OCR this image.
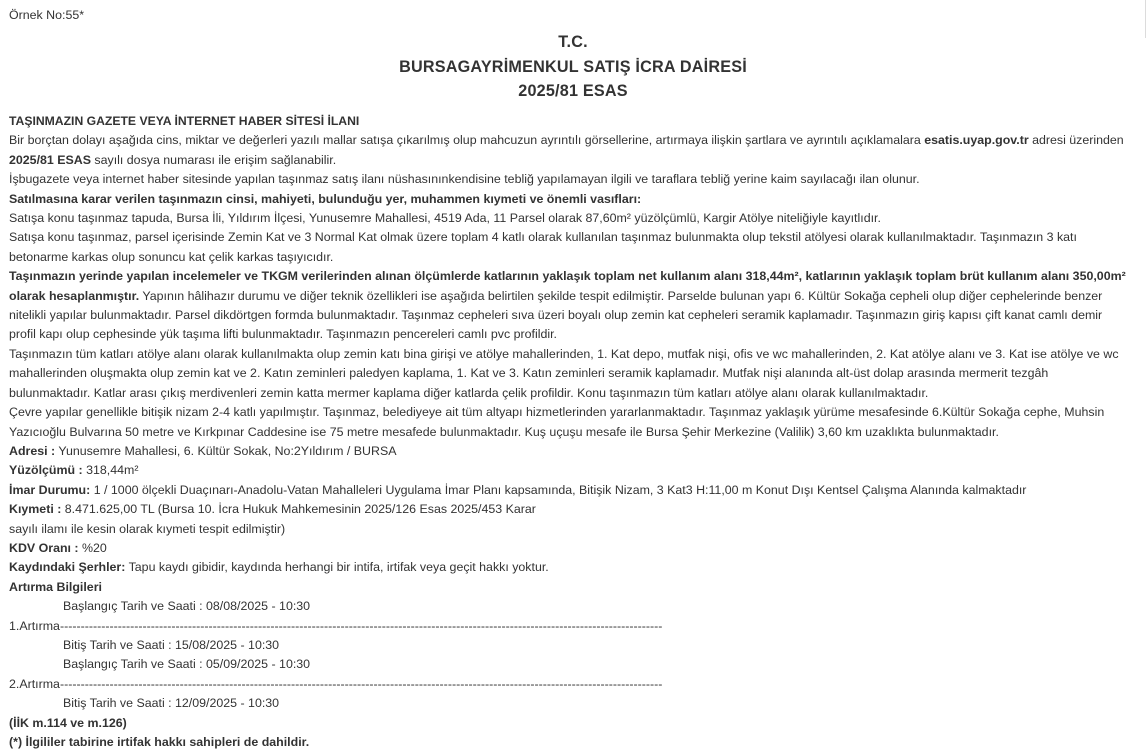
Örnek No:55*
T.C.
BURSAGAYRİMENKUL SATIŞ İCRA DAİRESİ
2025/81 ESAS

TAŞINMAZIN GAZETE VEYA İNTERNET HABER SİTESİ İLANI

Bir borçtan dolayı aşağıda cins, miktar ve değerleri yazılı mallar satışa çıkarılmış olup mahcuzun ayrıntılı görsellerine, artırmaya ilişkin şartlara ve ayrıntılı açıklamalara esatis.uyap.gov.tr adresi üzerinden 2025/81 ESAS sayılı dosya numarası ile erişim sağlanabilir.

İşbugazete veya internet haber sitesinde yapılan taşınmaz satış ilanı nüshasınınkendisine tebliğ yapılamayan ilgili ve taraflara tebliğ yerine kaim sayılacağı ilan olunur.

Satılmasına karar verilen taşınmazın cinsi, mahiyeti, bulunduğu yer, muhammen kıymeti ve önemli vasıfları:

Satışa konu taşınmaz tapuda, Bursa İli, Yıldırım İlçesi, Yunusemre Mahallesi, 4519 Ada, 11 Parsel olarak 87,60m² yüzölçümlü, Kargir Atölye niteliğiyle kayıtlıdır.

Satışa konu taşınmaz, parsel içerisinde Zemin Kat ve 3 Normal Kat olmak üzere toplam 4 katlı olarak kullanılan taşınmaz bulunmakta olup tekstil atölyesi olarak kullanılmaktadır. Taşınmazın 3 katı betonarme karkas olup sonuncu kat çelik karkas taşıyıcıdır.

Taşınmazın yerinde yapılan incelemeler ve TKGM verilerinden alınan ölçümlerde katlarının yaklaşık toplam net kullanım alanı 318,44m², katlarının yaklaşık toplam brüt kullanım alanı 350,00m² olarak hesaplanmıştır. Yapının hâlihazır durumu ve diğer teknik özellikleri ise aşağıda belirtilen şekilde tespit edilmiştir. Parselde bulunan yapı 6. Kültür Sokağa cepheli olup diğer cephelerinde benzer nitelikli yapılar bulunmaktadır. Parsel dikdörtgen formda bulunmaktadır. Taşınmaz cepheleri sıva üzeri boyalı olup zemin kat cepheleri seramik kaplamadır. Taşınmazın giriş kapısı çift kanat camlı demir profil kapı olup cephesinde yük taşıma lifti bulunmaktadır. Taşınmazın pencereleri camlı pvc profildir.

Taşınmazın tüm katları atölye alanı olarak kullanılmakta olup zemin katı bina girişi ve atölye mahallerinden, 1. Kat depo, mutfak nişi, ofis ve wc mahallerinden, 2. Kat atölye alanı ve 3. Kat ise atölye ve wc mahallerinden oluşmakta olup zemin kat ve 2. Katın zeminleri paledyen kaplama, 1. Kat ve 3. Katın zeminleri seramik kaplamadır. Mutfak nişi alanında alt-üst dolap arasında mermerit tezgâh bulunmaktadır. Katlar arası çıkış merdivenleri zemin katta mermer kaplama diğer katlarda çelik profildir. Konu taşınmazın tüm katları atölye alanı olarak kullanılmaktadır.

Çevre yapılar genellikle bitişik nizam 2-4 katlı yapılmıştır. Taşınmaz, belediyeye ait tüm altyapı hizmetlerinden yararlanmaktadır. Taşınmaz yaklaşık yürüme mesafesinde 6.Kültür Sokağa cephe, Muhsin Yazıcıoğlu Bulvarına 50 metre ve Kırkpınar Caddesine ise 75 metre mesafede bulunmaktadır. Kuş uçuşu mesafe ile Bursa Şehir Merkezine (Valilik) 3,60 km uzaklıkta bulunmaktadır.

Adresi : Yunusemre Mahallesi, 6. Kültür Sokak, No:2Yıldırım / BURSA

Yüzölçümü : 318,44m²

İmar Durumu: 1 / 1000 ölçekli Duaçınarı-Anadolu-Vatan Mahalleleri Uygulama İmar Planı kapsamında, Bitişik Nizam, 3 Kat3 H:11,00 m Konut Dışı Kentsel Çalışma Alanında kalmaktadır

Kıymeti : 8.471.625,00 TL (Bursa 10. İcra Hukuk Mahkemesinin 2025/126 Esas 2025/453 Karar

sayılı ilamı ile kesin olarak kıymeti tespit edilmiştir)

KDV Oranı : %20

Kaydındaki Şerhler: Tapu kaydı gibidir, kaydında herhangi bir intifa, irtifak veya geçit hakkı yoktur.

Artırma Bilgileri

Başlangıç Tarih ve Saati : 08/08/2025 - 10:30

1.Artırma--------------------------------------------------------------------------------------------------------------------------------------------------

Bitiş Tarih ve Saati : 15/08/2025 - 10:30

Başlangıç Tarih ve Saati : 05/09/2025 - 10:30

2.Artırma--------------------------------------------------------------------------------------------------------------------------------------------------

Bitiş Tarih ve Saati : 12/09/2025 - 10:30

(İİK m.114 ve m.126)

(*) İlgililer tabirine irtifak hakkı sahipleri de dahildir.
